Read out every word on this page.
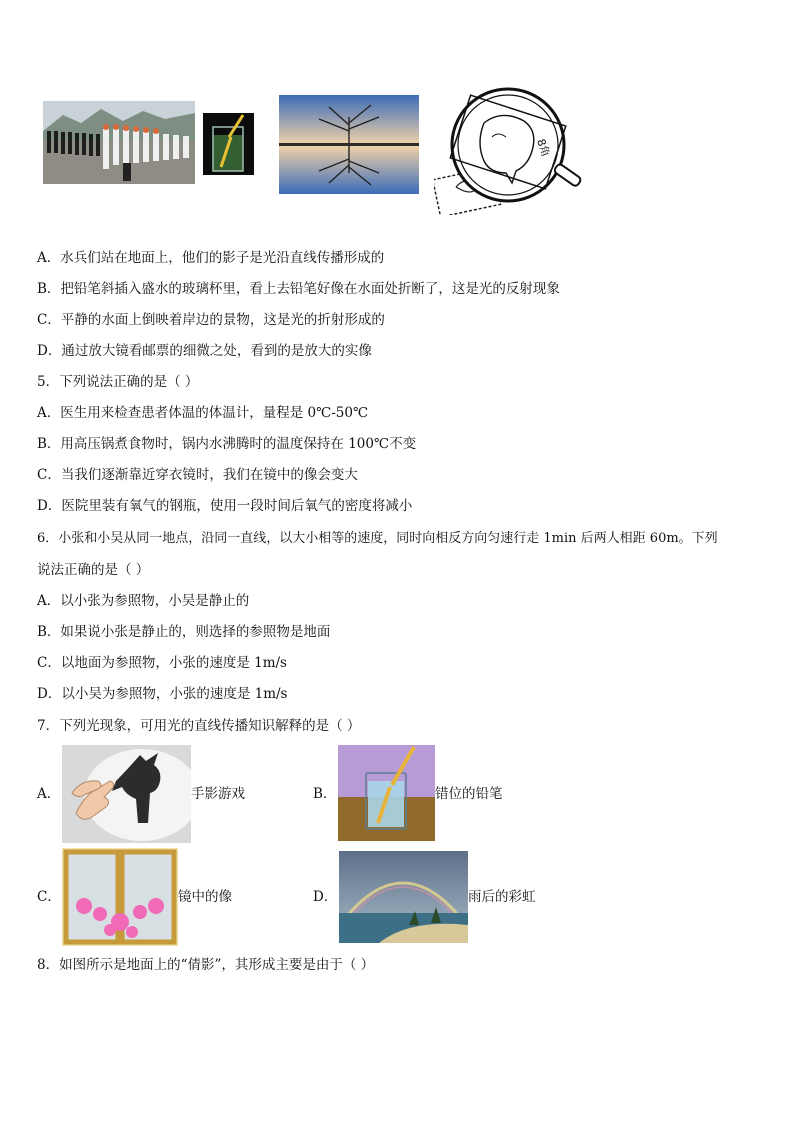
8角
A．水兵们站在地面上，他们的影子是光沿直线传播形成的
B．把铅笔斜插入盛水的玻璃杯里，看上去铅笔好像在水面处折断了，这是光的反射现象
C．平静的水面上倒映着岸边的景物，这是光的折射形成的
D．通过放大镜看邮票的细微之处，看到的是放大的实像
5．下列说法正确的是（ ）
A．医生用来检查患者体温的体温计，量程是 0℃-50℃
B．用高压锅煮食物时，锅内水沸腾时的温度保持在 100℃不变
C．当我们逐渐靠近穿衣镜时，我们在镜中的像会变大
D．医院里装有氧气的钢瓶，使用一段时间后氧气的密度将减小
6．小张和小吴从同一地点，沿同一直线，以大小相等的速度，同时向相反方向匀速行走 1min 后两人相距 60m。下列
说法正确的是（ ）
A．以小张为参照物，小吴是静止的
B．如果说小张是静止的，则选择的参照物是地面
C．以地面为参照物，小张的速度是 1m/s
D．以小吴为参照物，小张的速度是 1m/s
7．下列光现象，可用光的直线传播知识解释的是（ ）
A．	手影游戏	B．	错位的铅笔
C．	镜中的像	D．	雨后的彩虹
8．如图所示是地面上的“倩影”，其形成主要是由于（ ）
